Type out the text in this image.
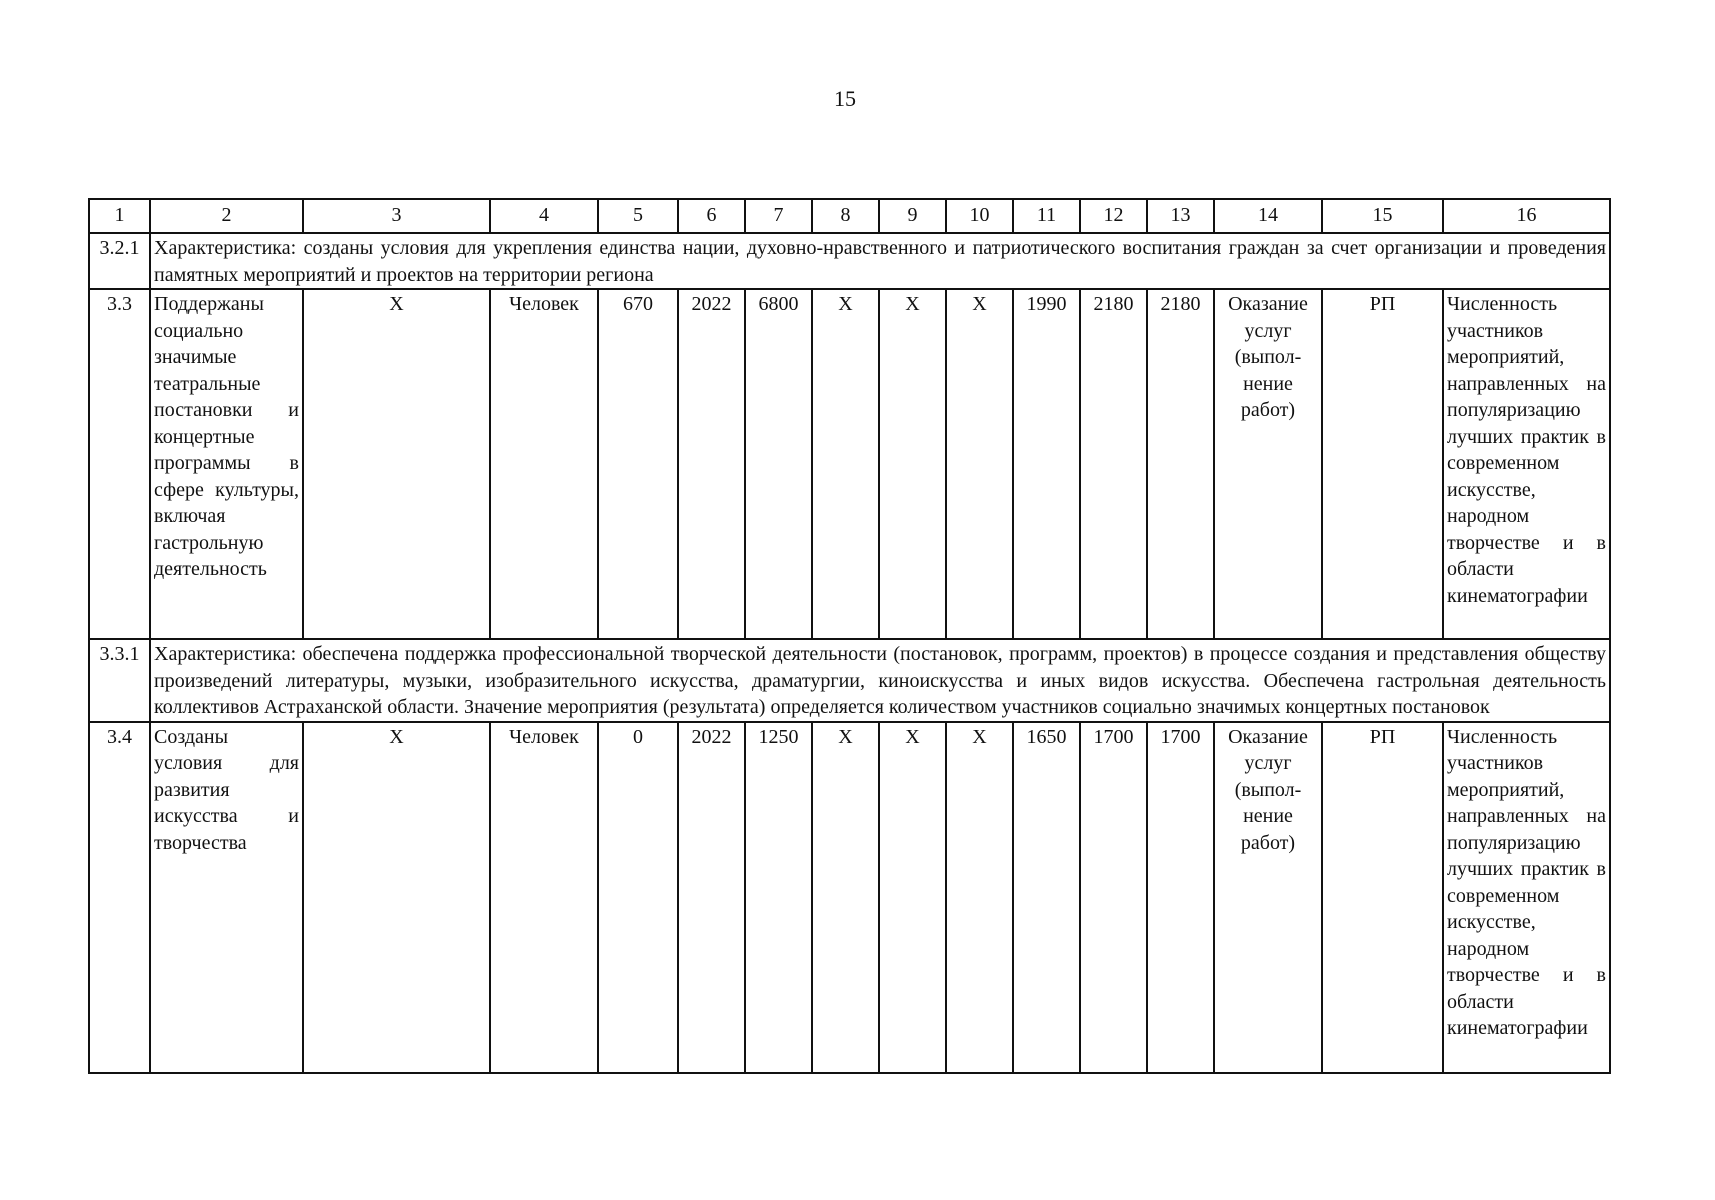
15
1	2	3	4	5	6	7	8	9	10	11	12	13	14	15	16
3.2.1	Характеристика: созданы условия для укрепления единства нации, духовно-нравственного и патриотического воспитания граждан за счет организации и проведения памятных мероприятий и проектов на территории региона														
3.3	Поддержаны социально значимые театральные постановки и концертные программы в сфере культуры, включая гастрольную деятельность	Х	Человек	670	2022	6800	Х	Х	Х	1990	2180	2180	Оказание
услуг
(выпол-
нение
работ)	РП	Численность участников мероприятий, направленных на популяризацию лучших практик в современном искусстве, народном творчестве и в области кинематографии
3.3.1	Характеристика: обеспечена поддержка профессиональной творческой деятельности (постановок, программ, проектов) в процессе создания и представления обществу произведений литературы, музыки, изобразительного искусства, драматургии, киноискусства и иных видов искусства. Обеспечена гастрольная деятельность коллективов Астраханской области. Значение мероприятия (результата) определяется количеством участников социально значимых концертных постановок														
3.4	Созданы условия для развития искусства и творчества	Х	Человек	0	2022	1250	Х	Х	Х	1650	1700	1700	Оказание
услуг
(выпол-
нение
работ)	РП	Численность участников мероприятий, направленных на популяризацию лучших практик в современном искусстве, народном творчестве и в области кинематографии
